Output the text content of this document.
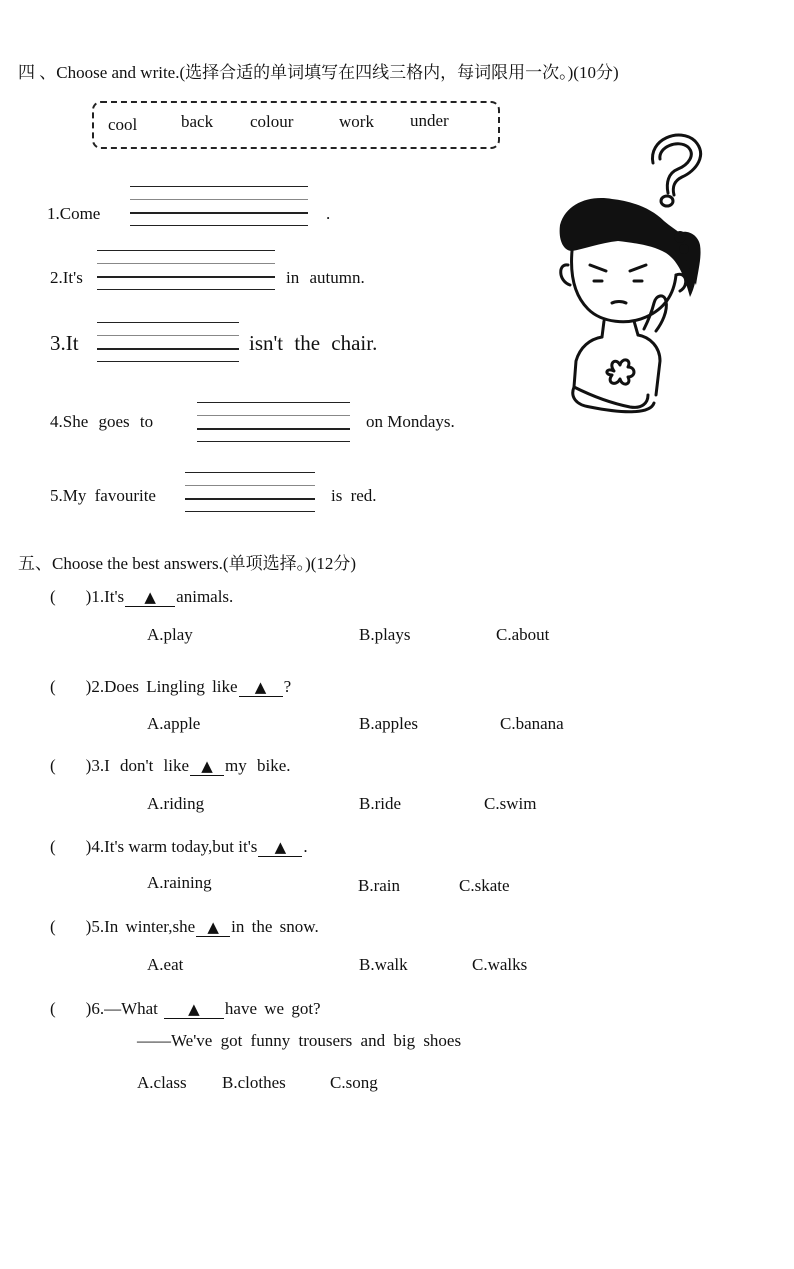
四 、Choose and write.(选择合适的单词填写在四线三格内，每词限用一次。)(10分)
cool	back colour	work under
1.Come	.
2.It's	in autumn.
3.It	isn't the chair.
4.She goes to	on Mondays.
5.My favourite	is red.
五、Choose the best answers.(单项选择。)(12分)
( )1.It's ▲ animals.
A.play	B.plays	C.about
( )2.Does Lingling like ▲ ?
A.apple	B.apples	C.banana
( )3.I don't like ▲ my bike.
A.riding	B.ride	C.swim
( )4.It's warm today,but it's ▲ .
A.raining	B.rain	C.skate
( )5.In winter,she ▲ in the snow.
A.eat	B.walk	C.walks
( )6.—What ▲ have we got?
——We've got funny trousers and big shoes
A.class B.clothes	C.song
